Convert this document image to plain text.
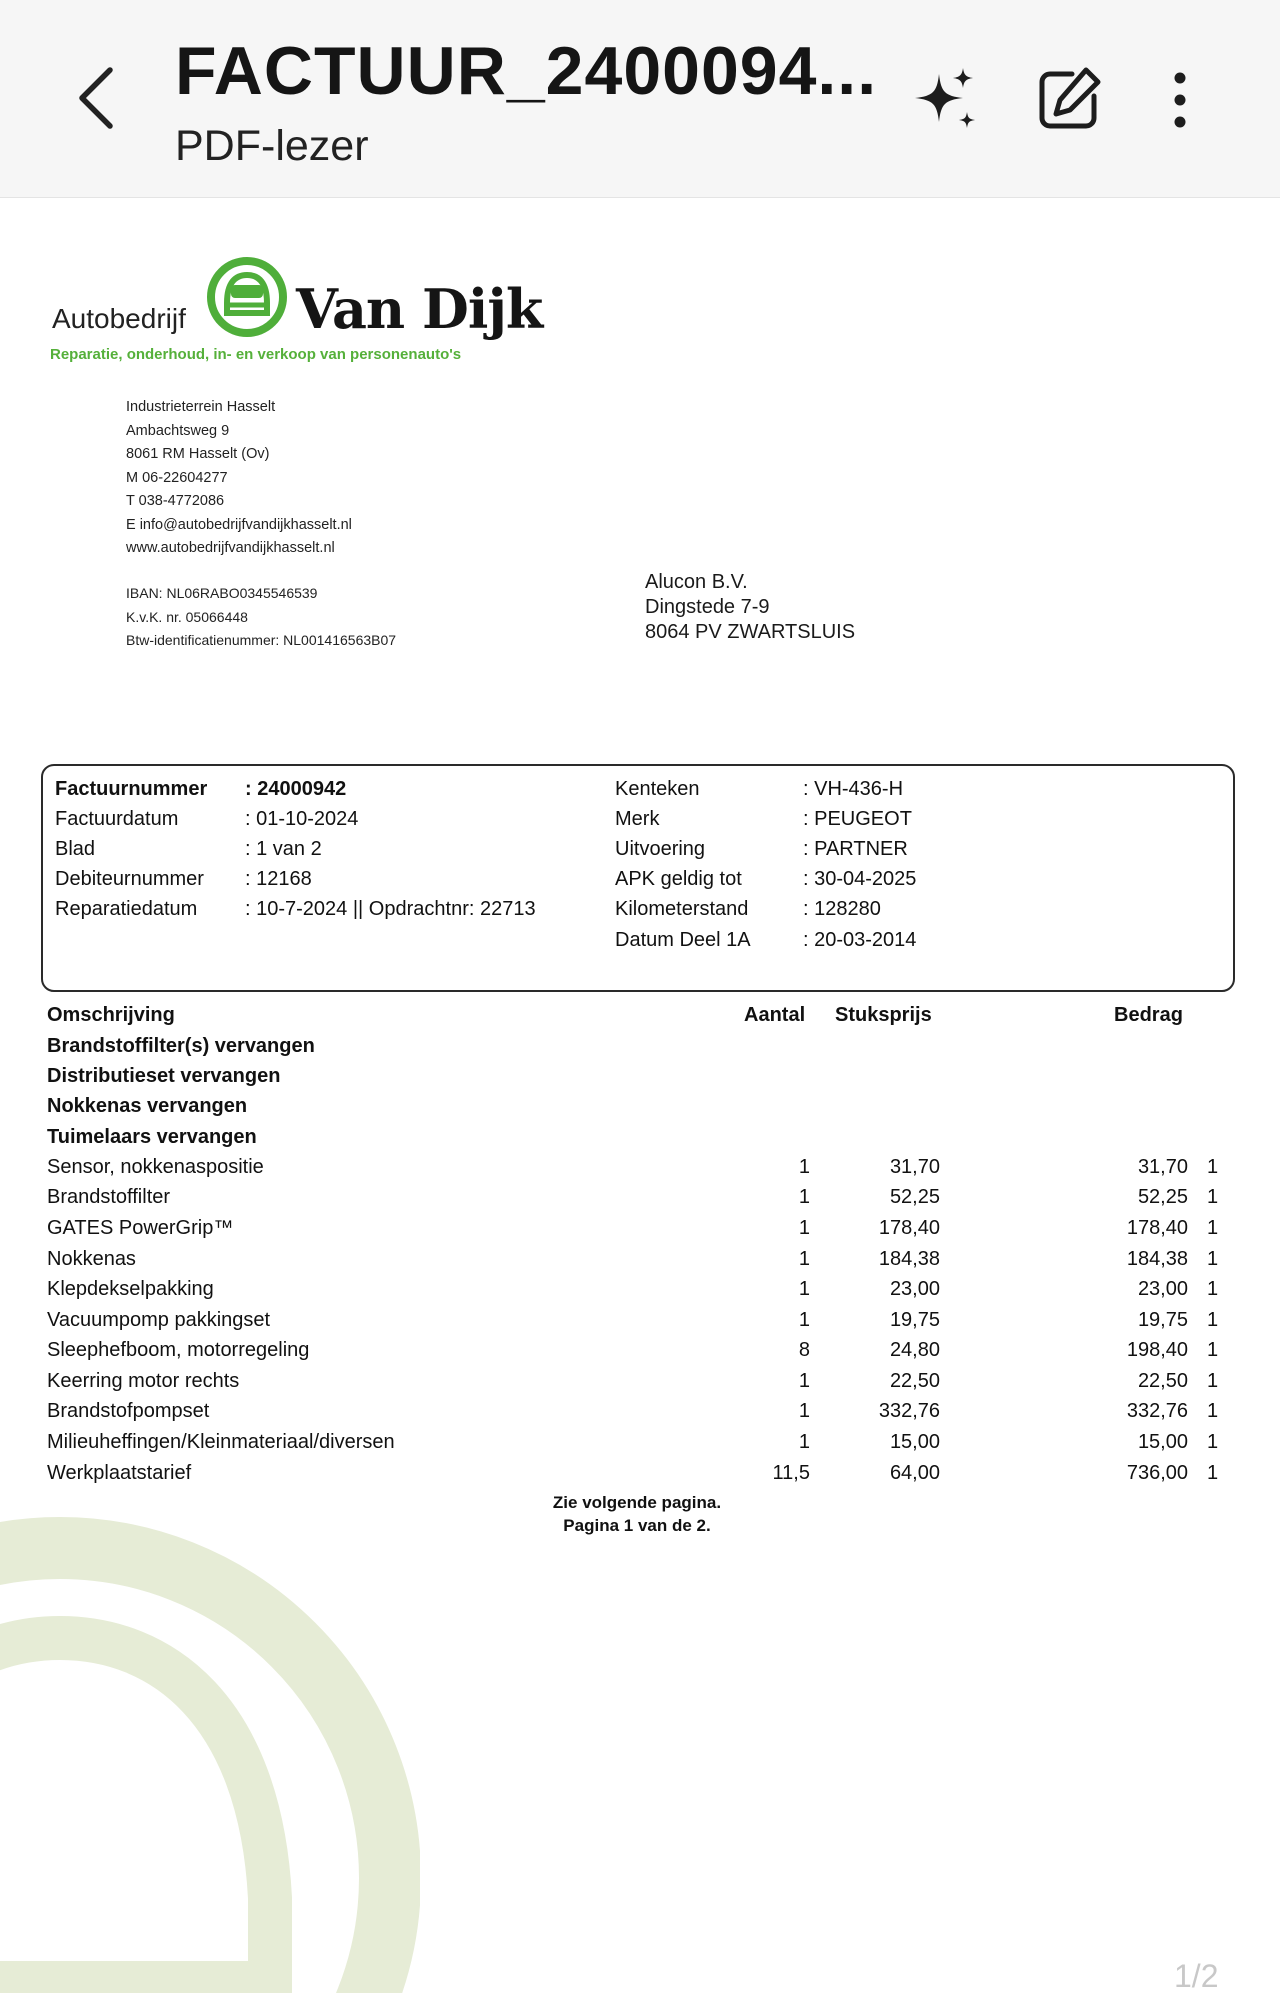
FACTUUR_2400094...
PDF-lezer
Autobedrijf Van Dijk
Reparatie, onderhoud, in- en verkoop van personenauto's
Industrieterrein Hasselt
Ambachtsweg 9
8061 RM Hasselt (Ov)
M 06-22604277
T 038-4772086
E info@autobedrijfvandijkhasselt.nl
www.autobedrijfvandijkhasselt.nl
IBAN: NL06RABO0345546539
K.v.K. nr. 05066448
Btw-identificatienummer: NL001416563B07
Alucon B.V.
Dingstede 7-9
8064 PV ZWARTSLUIS
Factuurnummer : 24000942
Factuurdatum	: 01-10-2024
Blad	: 1 van 2
Debiteurnummer : 12168
Reparatiedatum : 10-7-2024 || Opdrachtnr: 22713
Kenteken	: VH-436-H
Merk	: PEUGEOT
Uitvoering	: PARTNER
APK geldig tot	: 30-04-2025
Kilometerstand	: 128280
Datum Deel 1A	: 20-03-2014
Omschrijving	Aantal Stuksprijs	Bedrag
Brandstoffilter(s) vervangen
Distributieset vervangen
Nokkenas vervangen
Tuimelaars vervangen
Sensor, nokkenaspositie	1	31,70	31,70 1
Brandstoffilter	1	52,25	52,25 1
GATES PowerGrip™	1	178,40	178,40 1
Nokkenas	1	184,38	184,38 1
Klepdekselpakking	1	23,00	23,00 1
Vacuumpomp pakkingset	1	19,75	19,75 1
Sleephefboom, motorregeling	8	24,80	198,40 1
Keerring motor rechts	1	22,50	22,50 1
Brandstofpompset	1	332,76	332,76 1
Milieuheffingen/Kleinmateriaal/diversen	1	15,00	15,00 1
Werkplaatstarief	11,5	64,00	736,00 1
Zie volgende pagina.
Pagina 1 van de 2.
1/2
